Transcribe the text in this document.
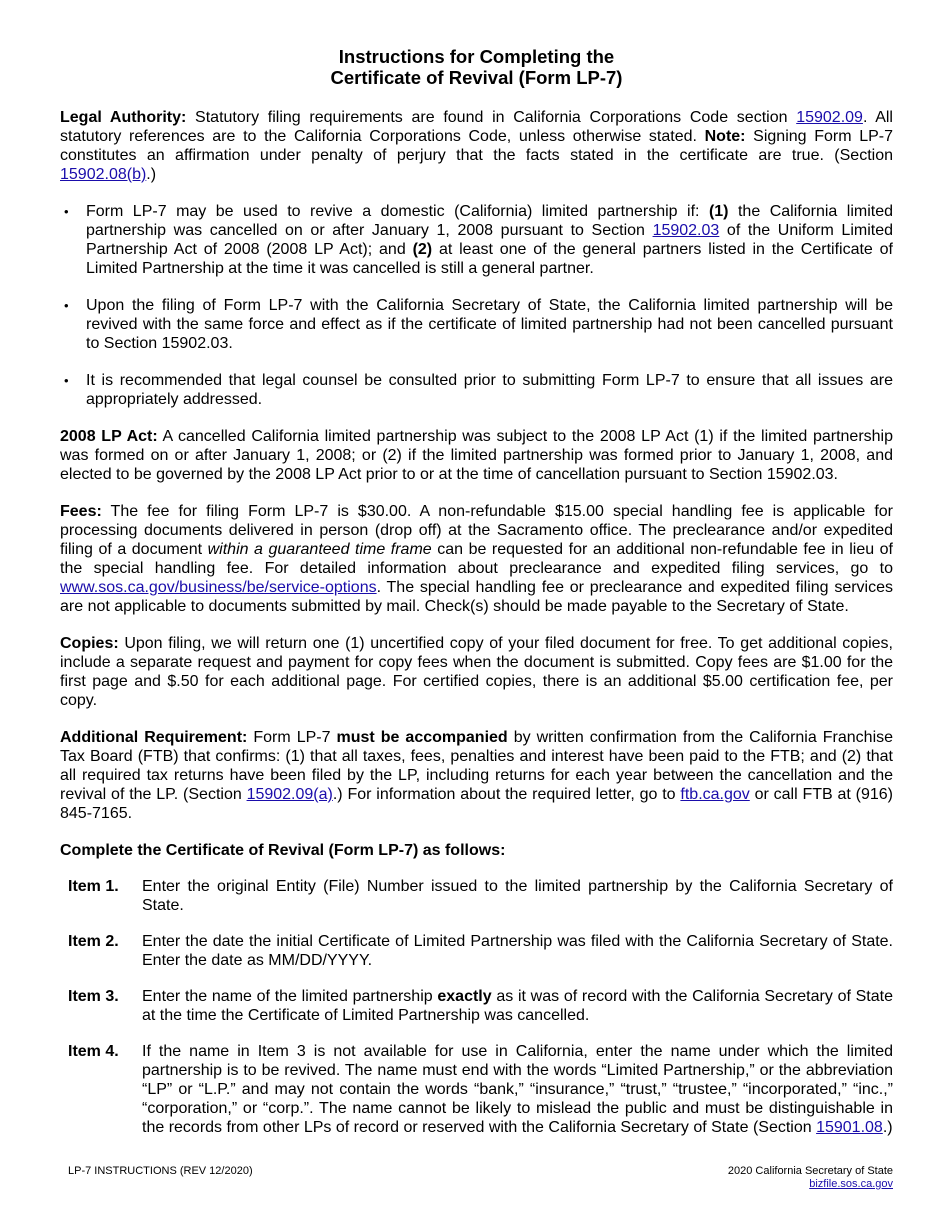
Instructions for Completing the
Certificate of Revival (Form LP-7)

Legal Authority: Statutory filing requirements are found in California Corporations Code section 15902.09. All statutory references are to the California Corporations Code, unless otherwise stated. Note: Signing Form LP-7 constitutes an affirmation under penalty of perjury that the facts stated in the certificate are true. (Section 15902.08(b).)

• Form LP-7 may be used to revive a domestic (California) limited partnership if: (1) the California limited partnership was cancelled on or after January 1, 2008 pursuant to Section 15902.03 of the Uniform Limited Partnership Act of 2008 (2008 LP Act); and (2) at least one of the general partners listed in the Certificate of Limited Partnership at the time it was cancelled is still a general partner.
• Upon the filing of Form LP-7 with the California Secretary of State, the California limited partnership will be revived with the same force and effect as if the certificate of limited partnership had not been cancelled pursuant to Section 15902.03.
• It is recommended that legal counsel be consulted prior to submitting Form LP-7 to ensure that all issues are appropriately addressed.

2008 LP Act: A cancelled California limited partnership was subject to the 2008 LP Act (1) if the limited partnership was formed on or after January 1, 2008; or (2) if the limited partnership was formed prior to January 1, 2008, and elected to be governed by the 2008 LP Act prior to or at the time of cancellation pursuant to Section 15902.03.

Fees: The fee for filing Form LP-7 is $30.00. A non-refundable $15.00 special handling fee is applicable for processing documents delivered in person (drop off) at the Sacramento office. The preclearance and/or expedited filing of a document within a guaranteed time frame can be requested for an additional non-refundable fee in lieu of the special handling fee. For detailed information about preclearance and expedited filing services, go to www.sos.ca.gov/business/be/service-options. The special handling fee or preclearance and expedited filing services are not applicable to documents submitted by mail. Check(s) should be made payable to the Secretary of State.

Copies: Upon filing, we will return one (1) uncertified copy of your filed document for free. To get additional copies, include a separate request and payment for copy fees when the document is submitted. Copy fees are $1.00 for the first page and $.50 for each additional page. For certified copies, there is an additional $5.00 certification fee, per copy.

Additional Requirement: Form LP-7 must be accompanied by written confirmation from the California Franchise Tax Board (FTB) that confirms: (1) that all taxes, fees, penalties and interest have been paid to the FTB; and (2) that all required tax returns have been filed by the LP, including returns for each year between the cancellation and the revival of the LP. (Section 15902.09(a).) For information about the required letter, go to ftb.ca.gov or call FTB at (916) 845-7165.

Complete the Certificate of Revival (Form LP-7) as follows:

Item 1.	Enter the original Entity (File) Number issued to the limited partnership by the California Secretary of State.
Item 2.	Enter the date the initial Certificate of Limited Partnership was filed with the California Secretary of State. Enter the date as MM/DD/YYYY.
Item 3.	Enter the name of the limited partnership exactly as it was of record with the California Secretary of State at the time the Certificate of Limited Partnership was cancelled.
Item 4.	If the name in Item 3 is not available for use in California, enter the name under which the limited partnership is to be revived. The name must end with the words “Limited Partnership,” or the abbreviation “LP” or “L.P.” and may not contain the words “bank,” “insurance,” “trust,” “trustee,” “incorporated,” “inc.,” “corporation,” or “corp.”. The name cannot be likely to mislead the public and must be distinguishable in the records from other LPs of record or reserved with the California Secretary of State (Section 15901.08.)
LP-7 INSTRUCTIONS (REV 12/2020)	2020 California Secretary of State
bizfile.sos.ca.gov
